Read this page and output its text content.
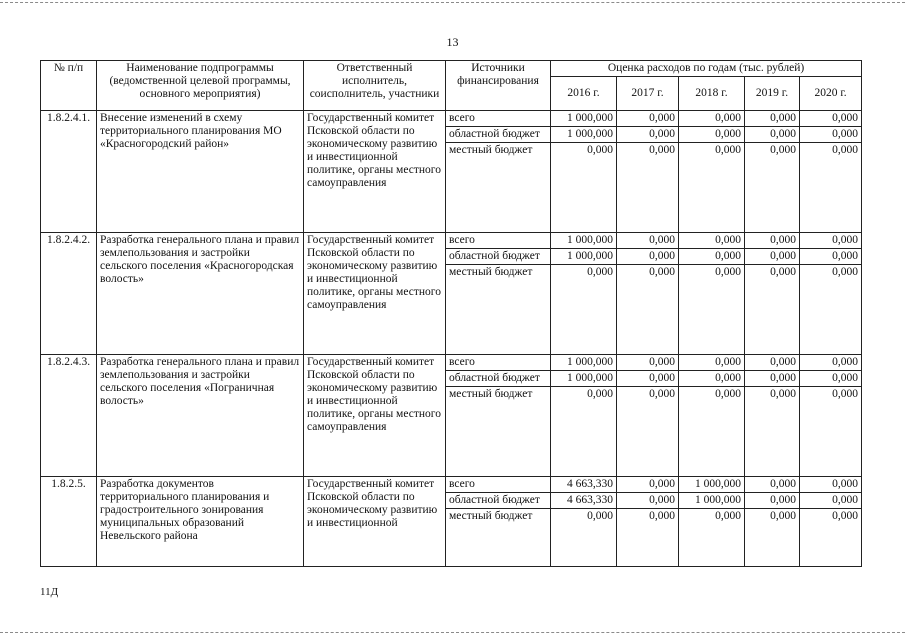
13
№ п/п	Наименование подпрограммы (ведомственной целевой программы, основного мероприятия)	Ответственный исполнитель, соисполнитель, участники	Источники финансирования	Оценка расходов по годам (тыс. рублей)				
				2016 г.	2017 г.	2018 г.	2019 г.	2020 г.
1.8.2.4.1.	Внесение изменений в схему территориального планирования МО «Красногородский район»	Государственный комитет Псковской области по экономическому развитию и инвестиционной политике, органы местного самоуправления	всего	1 000,000	0,000	0,000	0,000	0,000
			областной бюджет	1 000,000	0,000	0,000	0,000	0,000
			местный бюджет	0,000	0,000	0,000	0,000	0,000
1.8.2.4.2.	Разработка генерального плана и правил землепользования и застройки сельского поселения «Красногородская волость»	Государственный комитет Псковской области по экономическому развитию и инвестиционной политике, органы местного самоуправления	всего	1 000,000	0,000	0,000	0,000	0,000
			областной бюджет	1 000,000	0,000	0,000	0,000	0,000
			местный бюджет	0,000	0,000	0,000	0,000	0,000
1.8.2.4.3.	Разработка генерального плана и правил землепользования и застройки сельского поселения «Пограничная волость»	Государственный комитет Псковской области по экономическому развитию и инвестиционной политике, органы местного самоуправления	всего	1 000,000	0,000	0,000	0,000	0,000
			областной бюджет	1 000,000	0,000	0,000	0,000	0,000
			местный бюджет	0,000	0,000	0,000	0,000	0,000
1.8.2.5.	Разработка документов территориального планирования и градостроительного зонирования муниципальных образований Невельского района	Государственный комитет Псковской области по экономическому развитию и инвестиционной	всего	4 663,330	0,000	1 000,000	0,000	0,000
			областной бюджет	4 663,330	0,000	1 000,000	0,000	0,000
			местный бюджет	0,000	0,000	0,000	0,000	0,000
11Д
